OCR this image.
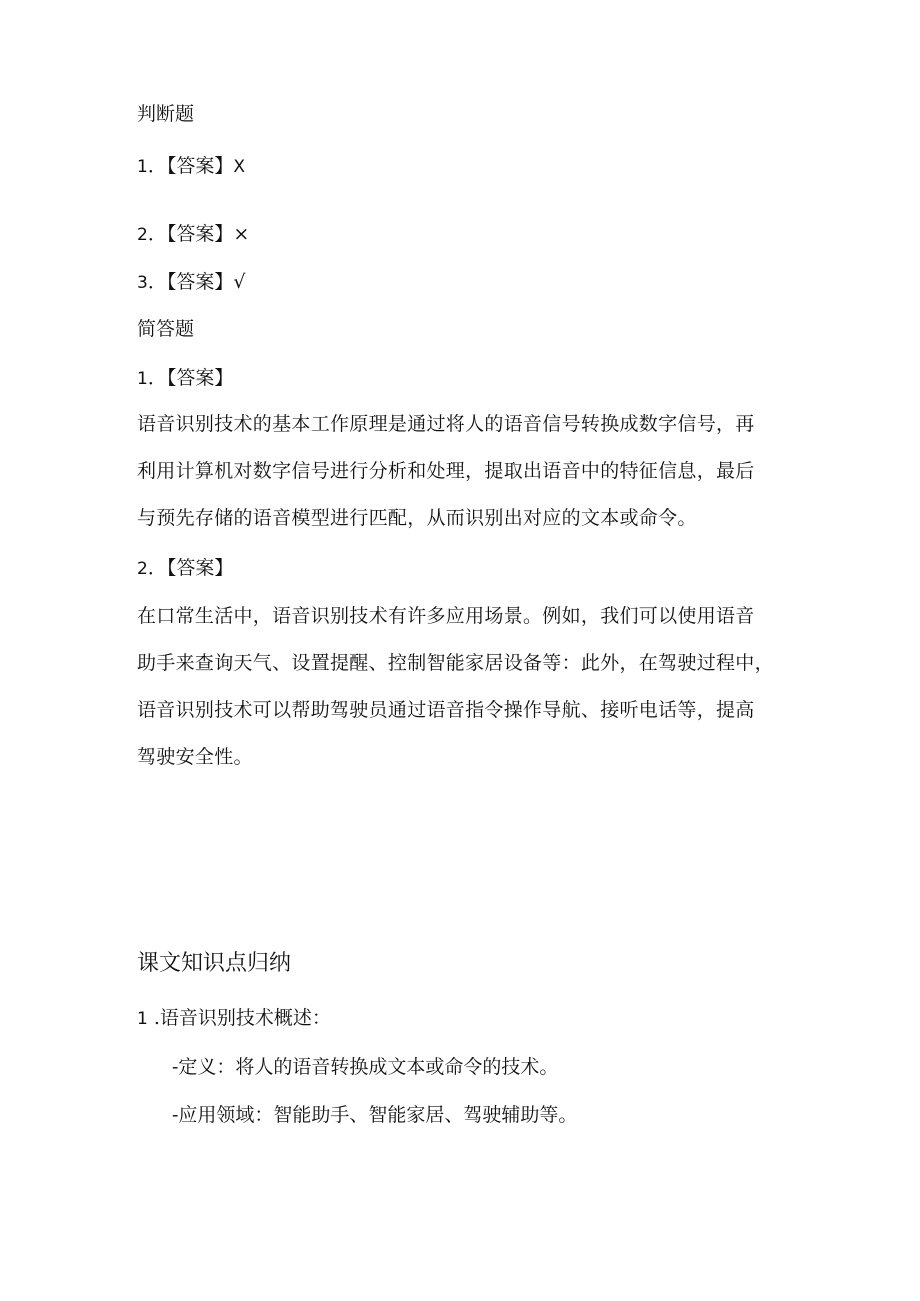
判断题

1．【答案】X

2．【答案】×

3．【答案】√

简答题

1．【答案】

语音识别技术的基本工作原理是通过将人的语音信号转换成数字信号，再
利用计算机对数字信号进行分析和处理，提取出语音中的特征信息，最后
与预先存储的语音模型进行匹配，从而识别出对应的文本或命令。

2．【答案】

在口常生活中，语音识别技术有许多应用场景。例如，我们可以使用语音
助手来查询天气、设置提醒、控制智能家居设备等：此外，在驾驶过程中，
语音识别技术可以帮助驾驶员通过语音指令操作导航、接听电话等，提高
驾驶安全性。
课文知识点归纳

1 .语音识别技术概述：

-定义：将人的语音转换成文本或命令的技术。

-应用领域：智能助手、智能家居、驾驶辅助等。
